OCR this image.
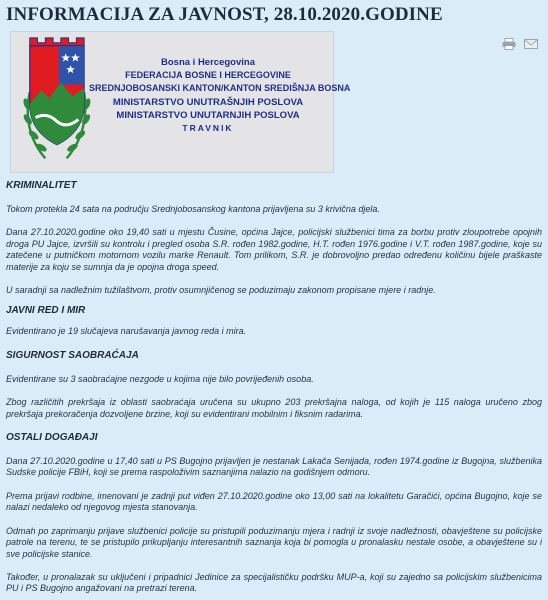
INFORMACIJA ZA JAVNOST, 28.10.2020.GODINE
Bosna i Hercegovina
FEDERACIJA BOSNE I HERCEGOVINE
SREDNJOBOSANSKI KANTON/KANTON SREDIŠNJA BOSNA
MINISTARSTVO UNUTRAŠNJIH POSLOVA
MINISTARSTVO UNUTARNJIH POSLOVA
TRAVNIK

KRIMINALITET

Tokom protekla 24 sata na području Srednjobosanskog kantona prijavljena su 3 krivična djela.

Dana 27.10.2020.godine oko 19,40 sati u mjestu Čusine, općina Jajce, policijski službenici tima za borbu protiv zloupotrebe opojnih droga PU Jajce, izvršili su kontrolu i pregled osoba S.R. rođen 1982.godine, H.T. rođen 1976.godine i V.T. rođen 1987.godine, koje su zatečene u putničkom motornom vozilu marke Renault. Tom prilikom, S.R. je dobrovoljno predao određenu količinu bijele praškaste materije za koju se sumnja da je opojna droga speed.

U saradnji sa nadležnim tužilaštvom, protiv osumnjičenog se poduzimaju zakonom propisane mjere i radnje.

JAVNI RED I MIR

Evidentirano je 19 slučajeva narušavanja javnog reda i mira.

SIGURNOST SAOBRAĆAJA

Evidentirane su 3 saobraćajne nezgode u kojima nije bilo povrijeđenih osoba.

Zbog različitih prekršaja iz oblasti saobraćaja uručena su ukupno 203 prekršajna naloga, od kojih je 115 naloga uručeno zbog prekršaja prekoračenja dozvoljene brzine, koji su evidentirani mobilnim i fiksnim radarima.

OSTALI DOGAĐAJI

Dana 27.10.2020.godine u 17,40 sati u PS Bugojno prijavljen je nestanak Lakača Senijada, rođen 1974.godine iz Bugojna, službenika Sudske policije FBiH, koji se prema raspoloživim saznanjima nalazio na godišnjem odmoru.

Prema prijavi rodbine, imenovani je zadnji put viđen 27.10.2020.godine oko 13,00 sati na lokalitetu Garačići, općina Bugojno, koje se nalazi nedaleko od njegovog mjesta stanovanja.

Odmah po zaprimanju prijave službenici policije su pristupili poduzimanju mjera i radnji iz svoje nadležnosti, obavještene su policijske patrole na terenu, te se pristupilo prikupljanju interesantnih saznanja koja bi pomogla u pronalasku nestale osobe, a obavještene su i sve policijske stanice.

Također, u pronalazak su uključeni i pripadnici Jedinice za specijalističku podršku MUP-a, koji su zajedno sa policijskim službenicima PU i PS Bugojno angažovani na pretrazi terena.
